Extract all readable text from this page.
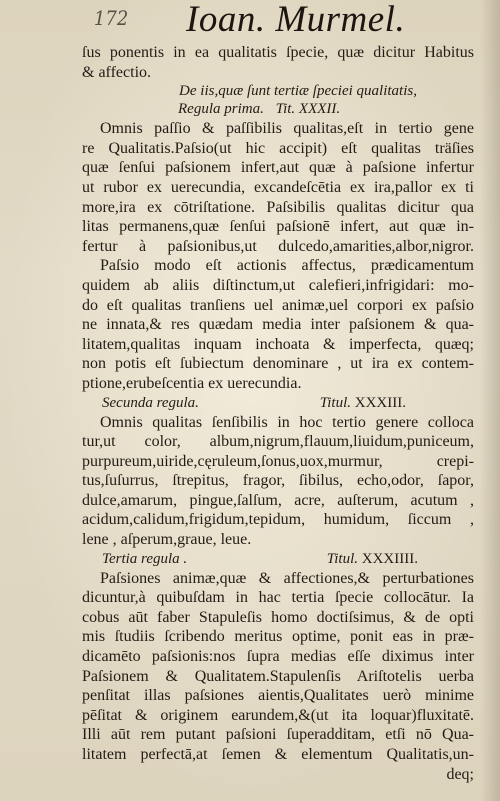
172 Ioan. Murmel.
ſus ponentis in ea qualitatis ſpecie, quæ dicitur Habitus
& affectio.
De iis,quæ ſunt tertiæ ſpeciei qualitatis,
Regula prima. Tit. XXXII.
Omnis paſſio & paſſibilis qualitas,eſt in tertio gene
re Qualitatis.Paſsio(ut hic accipit) eſt qualitas träſies
quæ ſenſui paſsionem infert,aut quæ à paſsione infertur
ut rubor ex uerecundia, excandeſcētia ex ira,pallor ex ti
more,ira ex cōtriſtatione. Paſsibilis qualitas dicitur qua
litas permanens,quæ ſenſui paſsionē infert, aut quæ in-
fertur à paſsionibus,ut dulcedo,amarities,albor,nigror.
Paſsio modo eſt actionis affectus, prædicamentum
quidem ab aliis diſtinctum,ut calefieri,infrigidari: mo-
do eſt qualitas tranſiens uel animæ,uel corpori ex paſsio
ne innata,& res quædam media inter paſsionem & qua-
litatem,qualitas inquam inchoata & imperfecta, quæq;
non potis eſt ſubiectum denominare , ut ira ex contem-
ptione,erubeſcentia ex uerecundia.
Secunda regula.	Titul. XXXIII.
Omnis qualitas ſenſibilis in hoc tertio genere colloca
tur,ut color, album,nigrum,flauum,liuidum,puniceum,
purpureum,uiride,cęruleum,ſonus,uox,murmur, crepi-
tus,ſuſurrus, ſtrepitus, fragor, ſibilus, echo,odor, ſapor,
dulce,amarum, pingue,ſalſum, acre, auſterum, acutum ,
acidum,calidum,frigidum,tepidum, humidum, ſiccum ,
lene , aſperum,graue, leue.
Tertia regula .	Titul. XXXIIII.
Paſsiones animæ,quæ & affectiones,& perturbationes
dicuntur,à quibuſdam in hac tertia ſpecie collocātur. Ia
cobus aūt faber Stapuleſis homo doctiſsimus, & de opti
mis ſtudiis ſcribendo meritus optime, ponit eas in præ-
dicamēto paſsionis:nos ſupra medias eſſe diximus inter
Paſsionem & Qualitatem.Stapulenſis Ariſtotelis uerba
penſitat illas paſsiones aientis,Qualitates uerò minime
pēſitat & originem earundem,&(ut ita loquar)fluxitatē.
Illi aūt rem putant paſsioni ſuperadditam, etſi nō Qua-
litatem perfectā,at ſemen & elementum Qualitatis,un-
deq;
